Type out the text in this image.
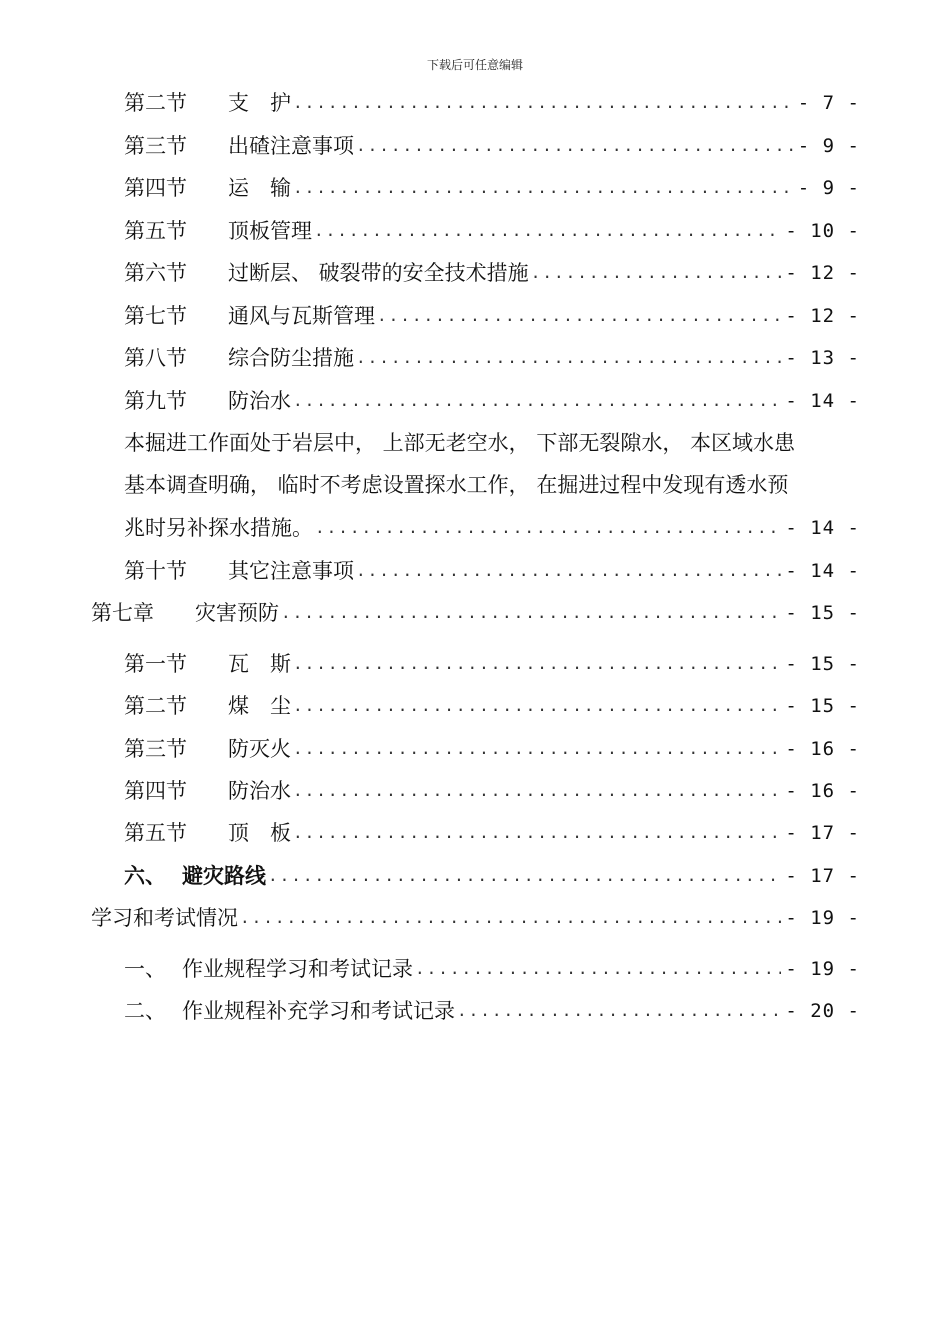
下载后可任意编辑
第二节	支　护 .....	- 7 -
第三节	出碴注意事项 .....	- 9 -
第四节	运　输 .....	- 9 -
第五节	顶板管理 .....	- 10 -
第六节	过断层、 破裂带的安全技术措施 .....	- 12 -
第七节	通风与瓦斯管理 .....	- 12 -
第八节	综合防尘措施 .....	- 13 -
第九节	防治水 .....	- 14 -
本掘进工作面处于岩层中， 上部无老空水， 下部无裂隙水， 本区域水患
基本调查明确， 临时不考虑设置探水工作， 在掘进过程中发现有透水预
兆时另补探水措施。 .....	- 14 -
第十节	其它注意事项 .....	- 14 -
第七章	灾害预防 .....	- 15 -
第一节	瓦　斯 .....	- 15 -
第二节	煤　尘 .....	- 15 -
第三节	防灭火 .....	- 16 -
第四节	防治水 .....	- 16 -
第五节	顶　板 .....	- 17 -
六、 避灾路线 .....	- 17 -
学习和考试情况 .....	- 19 -
一、 作业规程学习和考试记录 .....	- 19 -
二、 作业规程补充学习和考试记录 .....	- 20 -
